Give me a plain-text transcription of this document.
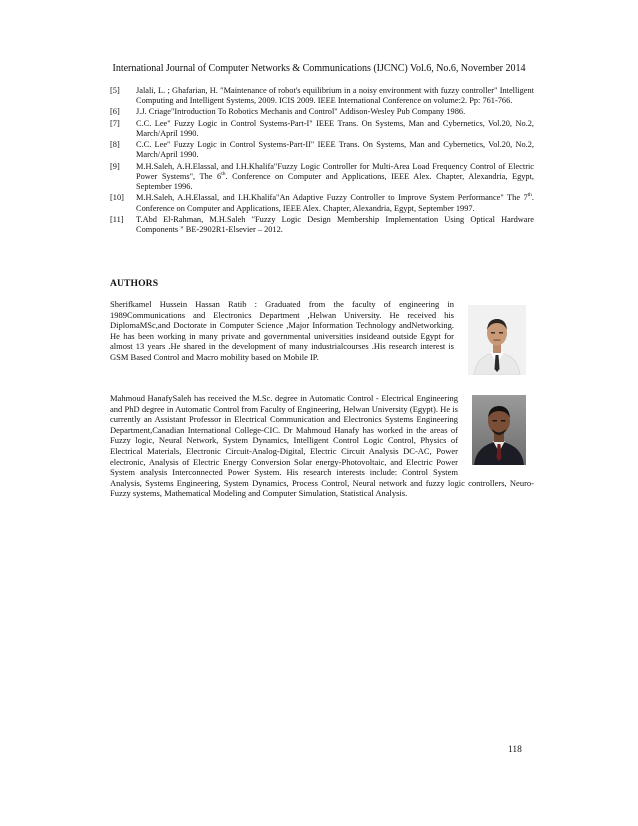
International Journal of Computer Networks & Communications (IJCNC) Vol.6, No.6, November 2014
[5]	Jalali, L. ; Ghafarian, H. "Maintenance of robot's equilibrium in a noisy environment with fuzzy controller" Intelligent Computing and Intelligent Systems, 2009. ICIS 2009. IEEE International Conference on volume:2. Pp: 761-766.
[6]	J.J. Criage"Introduction To Robotics Mechanis and Control" Addison-Wesley Pub Company 1986.
[7]	C.C. Lee" Fuzzy Logic in Control Systems-Part-I" IEEE Trans. On Systems, Man and Cybernetics, Vol.20, No.2, March/April 1990.
[8]	C.C. Lee" Fuzzy Logic in Control Systems-Part-II" IEEE Trans. On Systems, Man and Cybernetics, Vol.20, No.2, March/April 1990.
[9]	M.H.Saleh, A.H.Elassal, and I.H.Khalifa"Fuzzy Logic Controller for Multi-Area Load Frequency Control of Electric Power Systems", The 6th. Conference on Computer and Applications, IEEE Alex. Chapter, Alexandria, Egypt, September 1996.
[10]	M.H.Saleh, A.H.Elassal, and I.H.Khalifa"An Adaptive Fuzzy Controller to Improve System Performance" The 7th. Conference on Computer and Applications, IEEE Alex. Chapter, Alexandria, Egypt, September 1997.
[11]	T.Abd El-Rahman, M.H.Saleh "Fuzzy Logic Design Membership Implementation Using Optical Hardware Components " BE-2902R1-Elsevier – 2012.
AUTHORS
Sherifkamel Hussein Hassan Ratib : Graduated from the faculty of engineering in 1989Communications and Electronics Department ,Helwan University. He received his DiplomaMSc,and Doctorate in Computer Science ,Major Information Technology andNetworking. He has been working in many private and governmental universities insideand outside Egypt for almost 13 years .He shared in the development of many industrialcourses .His research interest is GSM Based Control and Macro mobility based on Mobile IP.
Mahmoud HanafySaleh has received the M.Sc. degree in Automatic Control - Electrical Engineering and PhD degree in Automatic Control from Faculty of Engineering, Helwan University (Egypt). He is currently an Assistant Professor in Electrical Communication and Electronics Systems Engineering Department,Canadian International College-CIC. Dr Mahmoud Hanafy has worked in the areas of Fuzzy logic, Neural Network, System Dynamics, Intelligent Control Logic Control, Physics of Electrical Materials, Electronic Circuit-Analog-Digital, Electric Circuit Analysis DC-AC, Power electronic, Analysis of Electric Energy Conversion Solar energy-Photovoltaic, and Electric Power System analysis Interconnected Power System. His research interests include: Control System Analysis, Systems Engineering, System Dynamics, Process Control, Neural network and fuzzy logic controllers, Neuro-Fuzzy systems, Mathematical Modeling and Computer Simulation, Statistical Analysis.
118
